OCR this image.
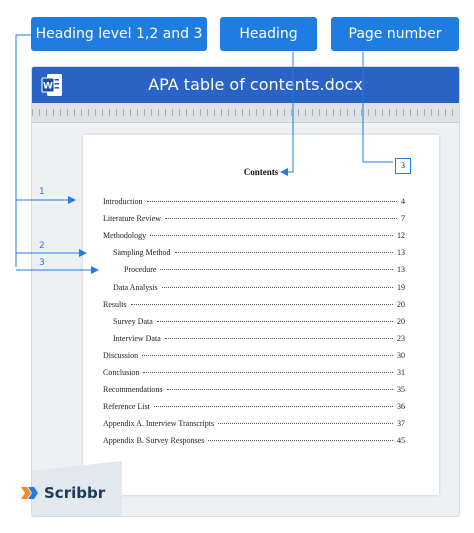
Heading level 1,2 and 3	Heading	Page number
W	APA table of contents.docx
Contents
3
Introduction	4
Literature Review	7
Methodology	12
Sampling Method	13
Procedure	13
Data Analysis	19
Results	20
Survey Data	20
Interview Data	23
Discussion	30
Conclusion	31
Recommendations	35
Reference List	36
Appendix A. Interview Transcripts	37
Appendix B. Survey Responses	45
Scribbr
1
2
3
